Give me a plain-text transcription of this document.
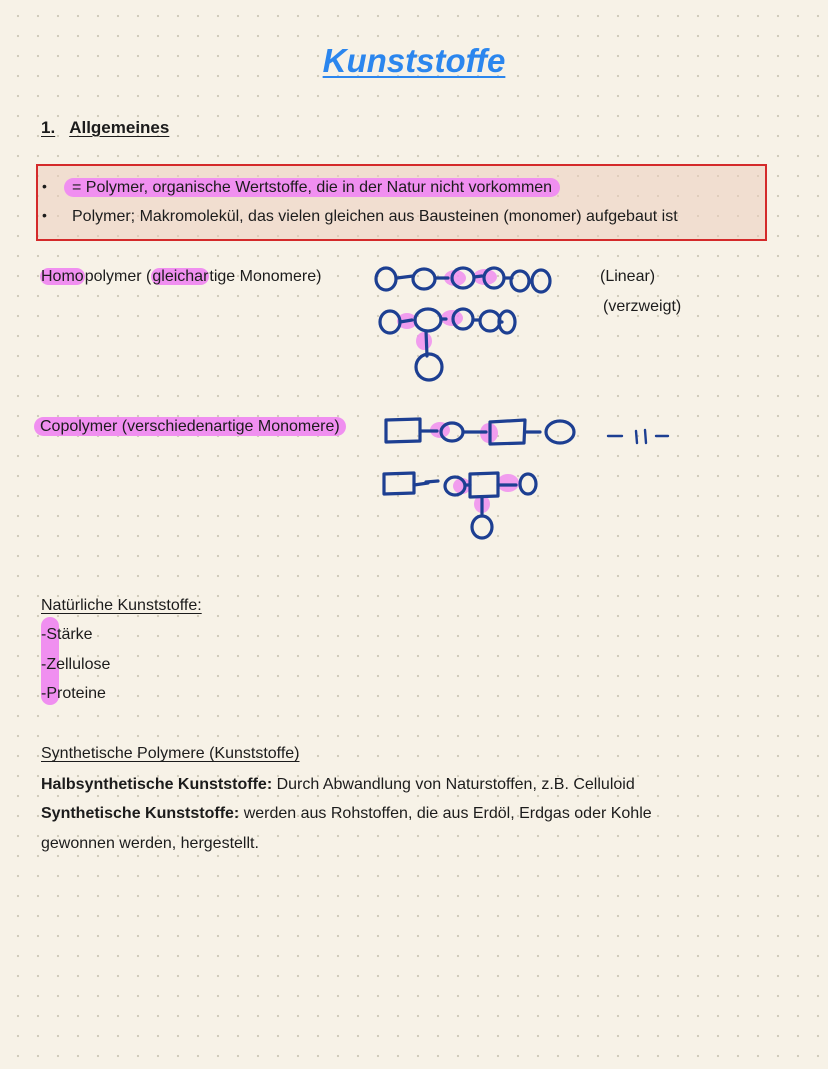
Kunststoffe
1. Allgemeines
•	= Polymer, organische Wertstoffe, die in der Natur nicht vorkommen
• Polymer; Makromolekül, das vielen gleichen aus Bausteinen (monomer) aufgebaut ist
Homopolymer (gleichartige Monomere)	(Linear)
(verzweigt)
Copolymer (verschiedenartige Monomere)
Natürliche Kunststoffe:
-Stärke
-Zellulose
-Proteine
Synthetische Polymere (Kunststoffe)
Halbsynthetische Kunststoffe: Durch Abwandlung von Naturstoffen, z.B. Celluloid
Synthetische Kunststoffe: werden aus Rohstoffen, die aus Erdöl, Erdgas oder Kohle
gewonnen werden, hergestellt.
